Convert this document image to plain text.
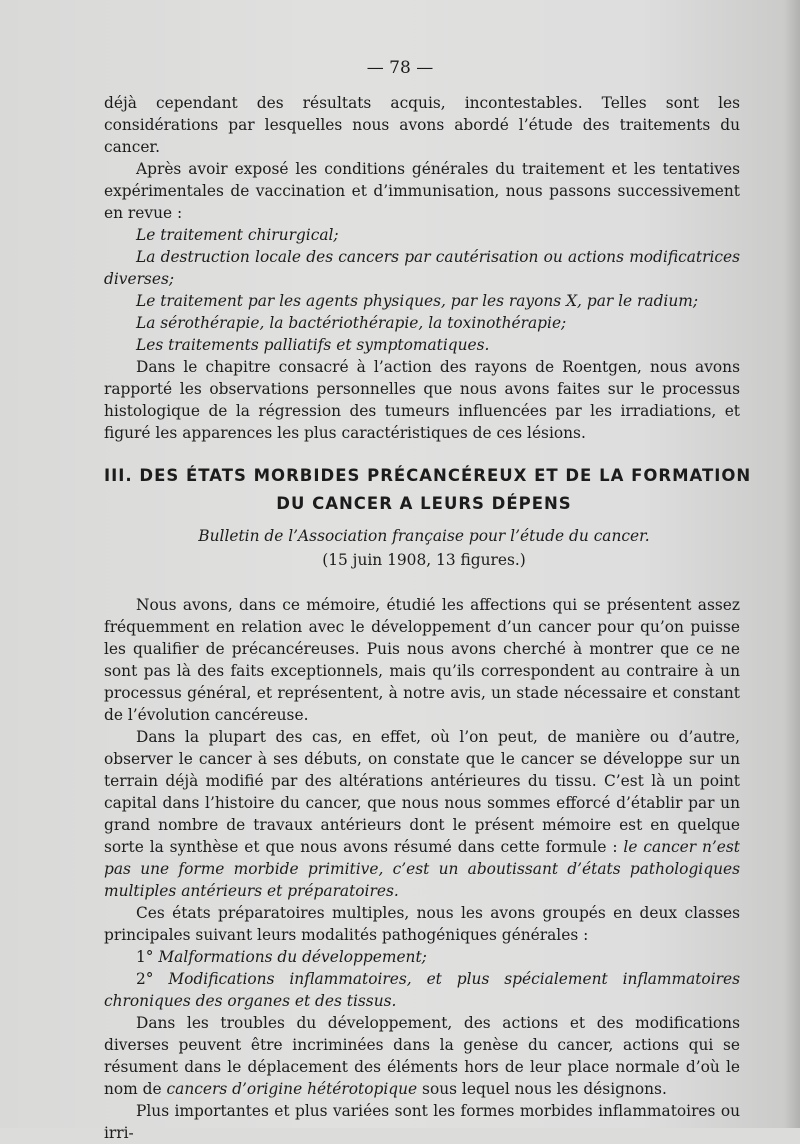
— 78 —

déjà cependant des résultats acquis, incontestables. Telles sont les considérations par lesquelles nous avons abordé l’étude des traitements du cancer.

Après avoir exposé les conditions générales du traitement et les tentatives expérimentales de vaccination et d’immunisation, nous passons successivement en revue :

Le traitement chirurgical;

La destruction locale des cancers par cautérisation ou actions modificatrices diverses;

Le traitement par les agents physiques, par les rayons X, par le radium;

La sérothérapie, la bactériothérapie, la toxinothérapie;

Les traitements palliatifs et symptomatiques.

Dans le chapitre consacré à l’action des rayons de Roentgen, nous avons rapporté les observations personnelles que nous avons faites sur le processus histologique de la régression des tumeurs influencées par les irradiations, et figuré les apparences les plus caractéristiques de ces lésions.

III. DES ÉTATS MORBIDES PRÉCANCÉREUX ET DE LA FORMATION
DU CANCER A LEURS DÉPENS
Bulletin de l’Association française pour l’étude du cancer.
(15 juin 1908, 13 figures.)

Nous avons, dans ce mémoire, étudié les affections qui se présentent assez fréquemment en relation avec le développement d’un cancer pour qu’on puisse les qualifier de précancéreuses. Puis nous avons cherché à montrer que ce ne sont pas là des faits exceptionnels, mais qu’ils correspondent au contraire à un processus général, et représentent, à notre avis, un stade nécessaire et constant de l’évolution cancéreuse.

Dans la plupart des cas, en effet, où l’on peut, de manière ou d’autre, observer le cancer à ses débuts, on constate que le cancer se développe sur un terrain déjà modifié par des altérations antérieures du tissu. C’est là un point capital dans l’histoire du cancer, que nous nous sommes efforcé d’établir par un grand nombre de travaux antérieurs dont le présent mémoire est en quelque sorte la synthèse et que nous avons résumé dans cette formule : le cancer n’est pas une forme morbide primitive, c’est un aboutissant d’états pathologiques multiples antérieurs et préparatoires.

Ces états préparatoires multiples, nous les avons groupés en deux classes principales suivant leurs modalités pathogéniques générales :

1° Malformations du développement;

2° Modifications inflammatoires, et plus spécialement inflammatoires chroniques des organes et des tissus.

Dans les troubles du développement, des actions et des modifications diverses peuvent être incriminées dans la genèse du cancer, actions qui se résument dans le déplacement des éléments hors de leur place normale d’où le nom de cancers d’origine hétérotopique sous lequel nous les désignons.

Plus importantes et plus variées sont les formes morbides inflammatoires ou irri-
